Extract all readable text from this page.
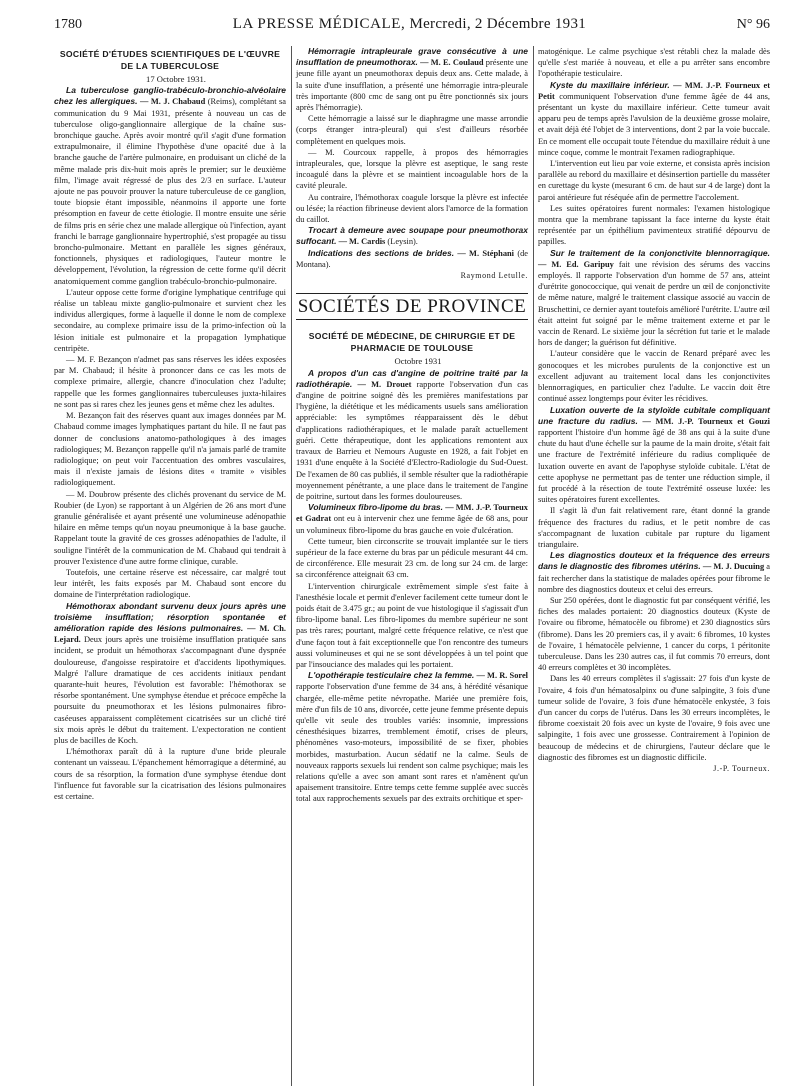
1780	LA PRESSE MÉDICALE, Mercredi, 2 Décembre 1931	N° 96
SOCIÉTÉ D'ÉTUDES SCIENTIFIQUES DE L'ŒUVRE DE LA TUBERCULOSE

17 Octobre 1931.

La tuberculose ganglio-trabéculo-bronchio-alvéolaire chez les allergiques. — M. J. Chabaud (Reims), complétant sa communication du 9 Mai 1931, présente à nouveau un cas de tuberculose oligo-ganglionnaire allergique de la chaîne sus-bronchique gauche. Après avoir montré qu'il s'agit d'une formation extrapulmonaire, il élimine l'hypothèse d'une opacité due à la branche gauche de l'artère pulmonaire, en produisant un cliché de la même malade pris dix-huit mois après le premier; sur le deuxième film, l'image avait régressé de plus des 2/3 en surface. L'auteur ajoute ne pas pouvoir prouver la nature tuberculeuse de ce ganglion, toute biopsie étant impossible, néanmoins il apporte une forte présomption en faveur de cette étiologie. Il montre ensuite une série de films pris en série chez une malade allergique où l'infection, ayant franchi le barrage ganglionnaire hypertrophié, s'est propagée au tissu broncho-pulmonaire. Mettant en parallèle les signes généraux, fonctionnels, physiques et radiologiques, l'auteur montre le développement, l'évolution, la régression de cette forme qu'il décrit anatomiquement comme ganglion trabéculo-bronchio-pulmonaire.

L'auteur oppose cette forme d'origine lymphatique centrifuge qui réalise un tableau mixte ganglio-pulmonaire et survient chez les individus allergiques, forme à laquelle il donne le nom de complexe secondaire, au complexe primaire issu de la primo-infection où la lésion initiale est pulmonaire et la propagation lymphatique centripète.

— M. F. Bezançon n'admet pas sans réserves les idées exposées par M. Chabaud; il hésite à prononcer dans ce cas les mots de complexe primaire, allergie, chancre d'inoculation chez l'adulte; rappelle que les formes ganglionnaires tuberculeuses juxta-hilaires ne sont pas si rares chez les jeunes gens et même chez les adultes.

M. Bezançon fait des réserves quant aux images données par M. Chabaud comme images lymphatiques partant du hile. Il ne faut pas donner de conclusions anatomo-pathologiques à des images radiologiques; M. Bezançon rappelle qu'il n'a jamais parlé de tramite radiologique; on peut voir l'accentuation des ombres vasculaires, mais il n'existe jamais de lésions dites « tramite » visibles radiologiquement.

— M. Doubrow présente des clichés provenant du service de M. Roubier (de Lyon) se rapportant à un Algérien de 26 ans mort d'une granulie généralisée et ayant présenté une volumineuse adénopathie hilaire en même temps qu'un noyau pneumonique à la base gauche. Rappelant toute la gravité de ces grosses adénopathies de l'adulte, il souligne l'intérêt de la communication de M. Chabaud qui tendrait à prouver l'existence d'une autre forme clinique, curable.

Toutefois, une certaine réserve est nécessaire, car malgré tout leur intérêt, les faits exposés par M. Chabaud sont encore du domaine de l'interprétation radiologique.

Hémothorax abondant survenu deux jours après une troisième insufflation; résorption spontanée et amélioration rapide des lésions pulmonaires. — M. Ch. Lejard. Deux jours après une troisième insufflation pratiquée sans incident, se produit un hémothorax s'accompagnant d'une dyspnée douloureuse, d'angoisse respiratoire et d'accidents lipothymiques. Malgré l'allure dramatique de ces accidents initiaux pendant quarante-huit heures, l'évolution est favorable: l'hémothorax se résorbe spontanément. Une symphyse étendue et précoce empêche la poursuite du pneumothorax et les lésions pulmonaires fibro-caséeuses apparaissent complètement cicatrisées sur un cliché tiré six mois après le début du traitement. L'expectoration ne contient plus de bacilles de Koch.

L'hémothorax paraît dû à la rupture d'une bride pleurale contenant un vaisseau. L'épanchement hémorragique a déterminé, au cours de sa résorption, la formation d'une symphyse étendue dont l'influence fut favorable sur la cicatrisation des lésions pulmonaires est certaine.

Hémorragie intrapleurale grave consécutive à une insufflation de pneumothorax. — M. E. Coulaud présente une jeune fille ayant un pneumothorax depuis deux ans. Cette malade, à la suite d'une insufflation, a présenté une hémorragie intra-pleurale très importante (800 cmc de sang ont pu être ponctionnés six jours après l'hémorragie).

Cette hémorragie a laissé sur le diaphragme une masse arrondie (corps étranger intra-pleural) qui s'est d'ailleurs résorbée complètement en quelques mois.

— M. Courcoux rappelle, à propos des hémorragies intrapleurales, que, lorsque la plèvre est aseptique, le sang reste incoagulé dans la plèvre et se maintient incoagulable hors de la cavité pleurale.

Au contraire, l'hémothorax coagule lorsque la plèvre est infectée ou lésée; la réaction fibrineuse devient alors l'amorce de la formation du caillot.

Trocart à demeure avec soupape pour pneumothorax suffocant. — M. Cardis (Leysin).

Indications des sections de brides. — M. Stéphani (de Montana).

Raymond Letulle.

SOCIÉTÉS DE PROVINCE
SOCIÉTÉ DE MÉDECINE, DE CHIRURGIE ET DE PHARMACIE DE TOULOUSE

Octobre 1931

A propos d'un cas d'angine de poitrine traité par la radiothérapie. — M. Drouet rapporte l'observation d'un cas d'angine de poitrine soigné dès les premières manifestations par l'hygiène, la diététique et les médicaments usuels sans amélioration appréciable: les symptômes réapparaissent dès le début d'applications radiothérapiques, et le malade paraît actuellement guéri. Cette thérapeutique, dont les applications remontent aux travaux de Barrieu et Nemours Auguste en 1928, a fait l'objet en 1931 d'une enquête à la Société d'Electro-Radiologie du Sud-Ouest. De l'examen de 80 cas publiés, il semble résulter que la radiothérapie moyennement pénétrante, a une place dans le traitement de l'angine de poitrine, surtout dans les formes douloureuses.

Volumineux fibro-lipome du bras. — MM. J.-P. Tourneux et Gadrat ont eu à intervenir chez une femme âgée de 68 ans, pour un volumineux fibro-lipome du bras gauche en voie d'ulcération.

Cette tumeur, bien circonscrite se trouvait implantée sur le tiers supérieur de la face externe du bras par un pédicule mesurant 44 cm. de circonférence. Elle mesurait 23 cm. de long sur 24 cm. de large: sa circonférence atteignait 63 cm.

L'intervention chirurgicale extrêmement simple s'est faite à l'anesthésie locale et permit d'enlever facilement cette tumeur dont le poids était de 3.475 gr.; au point de vue histologique il s'agissait d'un fibro-lipome banal. Les fibro-lipomes du membre supérieur ne sont pas très rares; pourtant, malgré cette fréquence relative, ce n'est que d'une façon tout à fait exceptionnelle que l'on rencontre des tumeurs aussi volumineuses et qui ne se sont développées à un tel point que par l'insouciance des malades qui les portaient.

L'opothérapie testiculaire chez la femme. — M. R. Sorel rapporte l'observation d'une femme de 34 ans, à hérédité vésanique chargée, elle-même petite névropathe. Mariée une première fois, mère d'un fils de 10 ans, divorcée, cette jeune femme présente depuis qu'elle vit seule des troubles variés: insomnie, impressions cénesthésiques bizarres, tremblement émotif, crises de pleurs, phénomènes vaso-moteurs, impossibilité de se fixer, phobies morbides, masturbation. Aucun sédatif ne la calme. Seuls de nouveaux rapports sexuels lui rendent son calme psychique; mais les relations qu'elle a avec son amant sont rares et n'amènent qu'un apaisement transitoire. Entre temps cette femme supplée avec succès total aux rapprochements sexuels par des extraits orchitique et sper-

matogénique. Le calme psychique s'est rétabli chez la malade dès qu'elle s'est mariée à nouveau, et elle a pu arrêter sans encombre l'opothérapie testiculaire.

Kyste du maxillaire inférieur. — MM. J.-P. Fourneux et Petit communiquent l'observation d'une femme âgée de 44 ans, présentant un kyste du maxillaire inférieur. Cette tumeur avait apparu peu de temps après l'avulsion de la deuxième grosse molaire, et avait déjà été l'objet de 3 interventions, dont 2 par la voie buccale. En ce moment elle occupait toute l'étendue du maxillaire réduit à une mince coque, comme le montrait l'examen radiographique.

L'intervention eut lieu par voie externe, et consista après incision parallèle au rebord du maxillaire et désinsertion partielle du masséter en curettage du kyste (mesurant 6 cm. de haut sur 4 de large) dont la paroi antérieure fut réséquée afin de permettre l'accolement.

Les suites opératoires furent normales: l'examen histologique montra que la membrane tapissant la face interne du kyste était représentée par un épithélium pavimenteux stratifié dépourvu de papilles.

Sur le traitement de la conjonctivite blennorragique. — M. Ed. Garipuy fait une révision des sérums des vaccins employés. Il rapporte l'observation d'un homme de 57 ans, atteint d'urétrite gonococcique, qui venait de perdre un œil de conjonctivite de même nature, malgré le traitement classique associé au vaccin de Bruschettini, ce dernier ayant toutefois amélioré l'urétrite. L'autre œil était atteint fut soigné par le même traitement externe et par le vaccin de Renard. Le sixième jour la sécrétion fut tarie et le malade hors de danger; la guérison fut définitive.

L'auteur considère que le vaccin de Renard préparé avec les gonocoques et les microbes purulents de la conjonctive est un excellent adjuvant au traitement local dans les conjonctivites blennorragiques, en particulier chez l'adulte. Le vaccin doit être continué assez longtemps pour éviter les récidives.

Luxation ouverte de la styloïde cubitale compliquant une fracture du radius. — MM. J.-P. Tourneux et Gouzi rapportent l'histoire d'un homme âgé de 38 ans qui à la suite d'une chute du haut d'une échelle sur la paume de la main droite, s'était fait une fracture de l'extrémité inférieure du radius compliquée de luxation ouverte en avant de l'apophyse styloïde cubitale. L'état de cette apophyse ne permettant pas de tenter une réduction simple, il fut procédé à la résection de toute l'extrémité osseuse luxée: les suites opératoires furent excellentes.

Il s'agit là d'un fait relativement rare, étant donné la grande fréquence des fractures du radius, et le petit nombre de cas s'accompagnant de luxation cubitale par rupture du ligament triangulaire.

Les diagnostics douteux et la fréquence des erreurs dans le diagnostic des fibromes utérins. — M. J. Ducuing a fait rechercher dans la statistique de malades opérées pour fibrome le nombre des diagnostics douteux et celui des erreurs.

Sur 250 opérées, dont le diagnostic fut par conséquent vérifié, les fiches des malades portaient: 20 diagnostics douteux (Kyste de l'ovaire ou fibrome, hématocèle ou fibrome) et 230 diagnostics sûrs (fibrome). Dans les 20 premiers cas, il y avait: 6 fibromes, 10 kystes de l'ovaire, 1 hématocèle pelvienne, 1 cancer du corps, 1 péritonite tuberculeuse. Dans les 230 autres cas, il fut commis 70 erreurs, dont 40 erreurs complètes et 30 incomplètes.

Dans les 40 erreurs complètes il s'agissait: 27 fois d'un kyste de l'ovaire, 4 fois d'un hématosalpinx ou d'une salpingite, 3 fois d'une tumeur solide de l'ovaire, 3 fois d'une hématocèle enkystée, 3 fois d'un cancer du corps de l'utérus. Dans les 30 erreurs incomplètes, le fibrome coexistait 20 fois avec un kyste de l'ovaire, 9 fois avec une salpingite, 1 fois avec une grossesse. Contrairement à l'opinion de beaucoup de médecins et de chirurgiens, l'auteur déclare que le diagnostic des fibromes est un diagnostic difficile.

J.-P. Tourneux.
